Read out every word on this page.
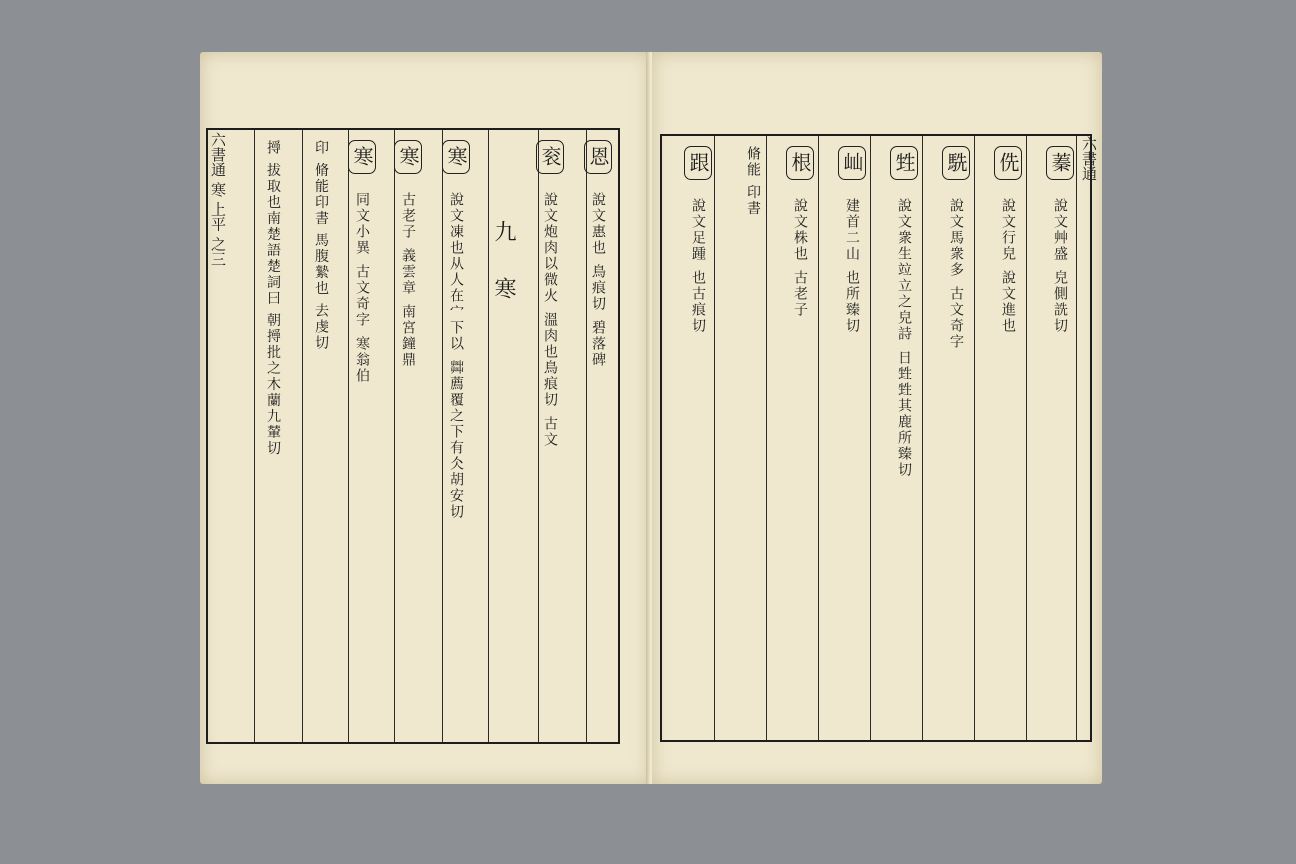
恩 說文惠也 鳥痕切 碧落碑
衮 說文炮肉以微火 溫肉也鳥痕切 古文
九 寒
寒 說文凍也从人在宀下以 茻薦覆之下有仌胡安切
寒 古老子 義雲章 南宮鐘鼎
寒 同文小異 古文奇字 寒翁伯
印 脩能印書 馬腹縶也 去虔切
㩊 拔取也南楚語楚詞曰 朝㩊批之木蘭九輦切
六書通 寒 上平 之三	蓁 說文艸盛 皃側詵切
侁 說文行皃 說文進也
駪 說文馬衆多 古文奇字
甡 說文衆生竝立之皃詩 日甡甡其鹿所臻切
屾 建首二山 也所臻切
根 說文株也 古老子
脩能 印書
跟 說文足踵 也古痕切
六書通
